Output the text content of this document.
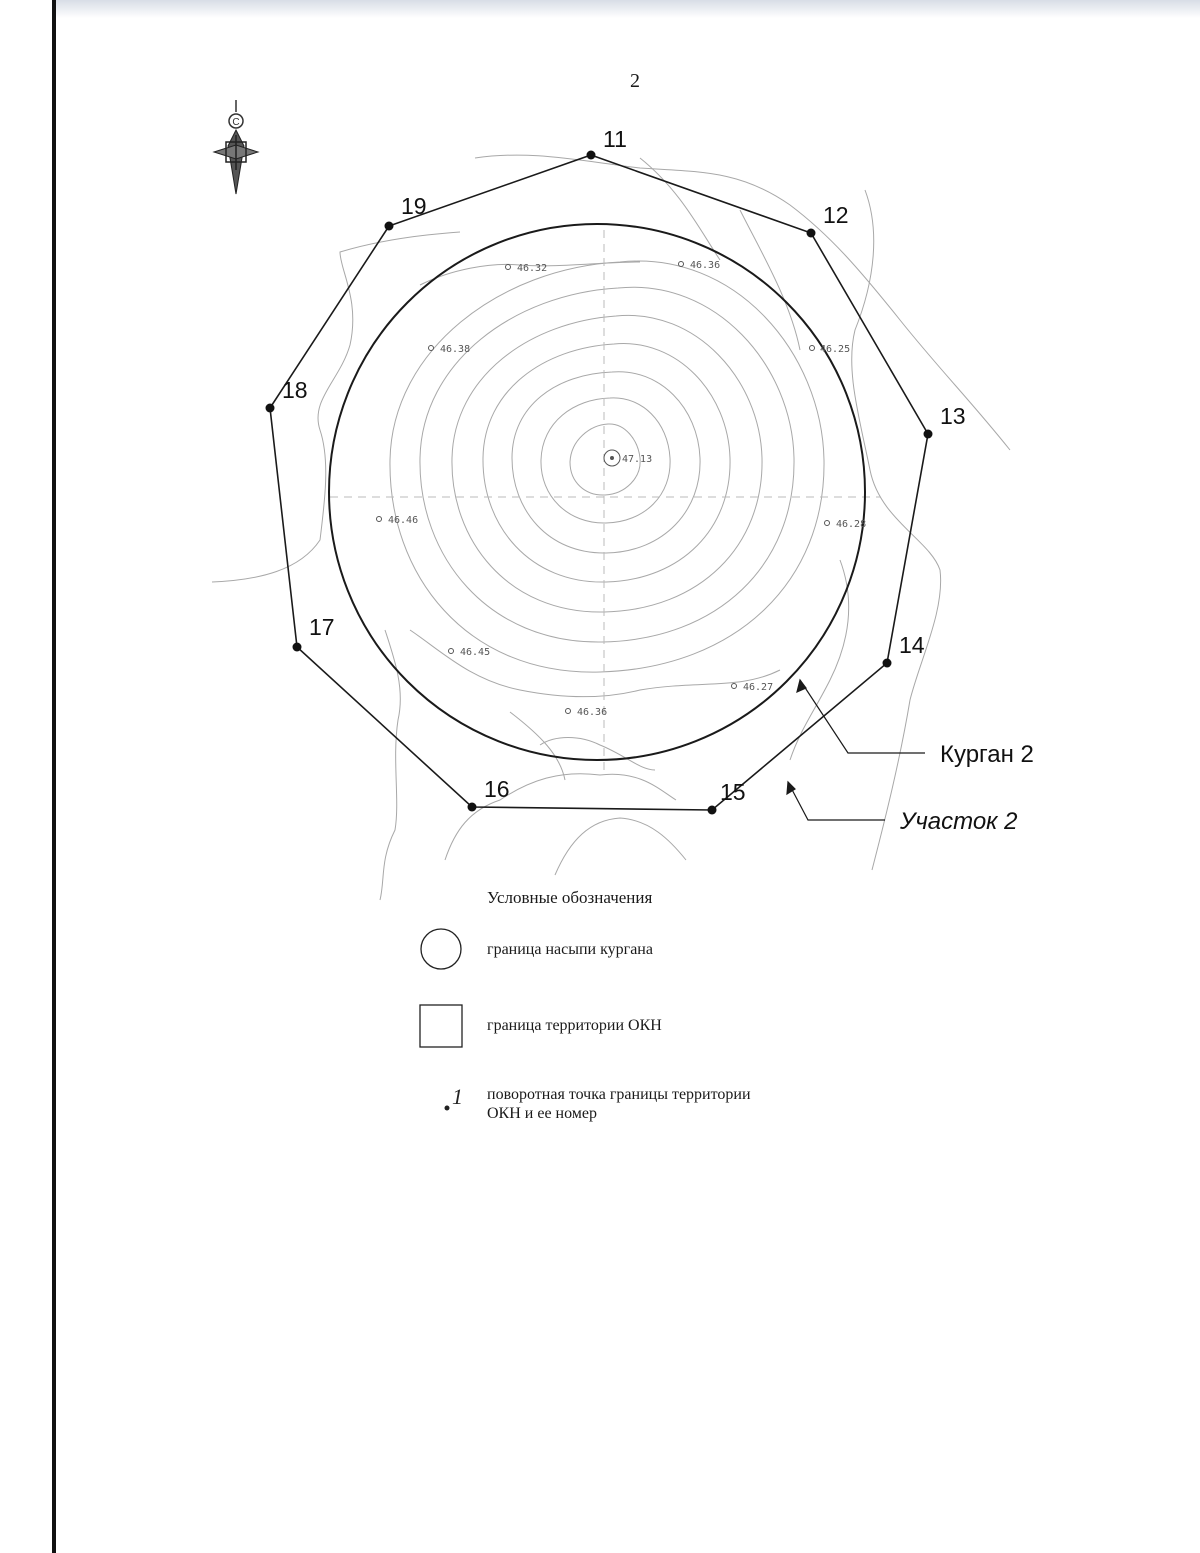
2
С
46.32	46.36
46.38	46.25
47.13
46.46	46.28
46.45
46.27
46.36
11
12
13
14
15
16
17
18
19
Курган 2
Участок 2
1
Условные обозначения
граница насыпи кургана
граница территории ОКН
поворотная точка границы территории
ОКН и ее номер
